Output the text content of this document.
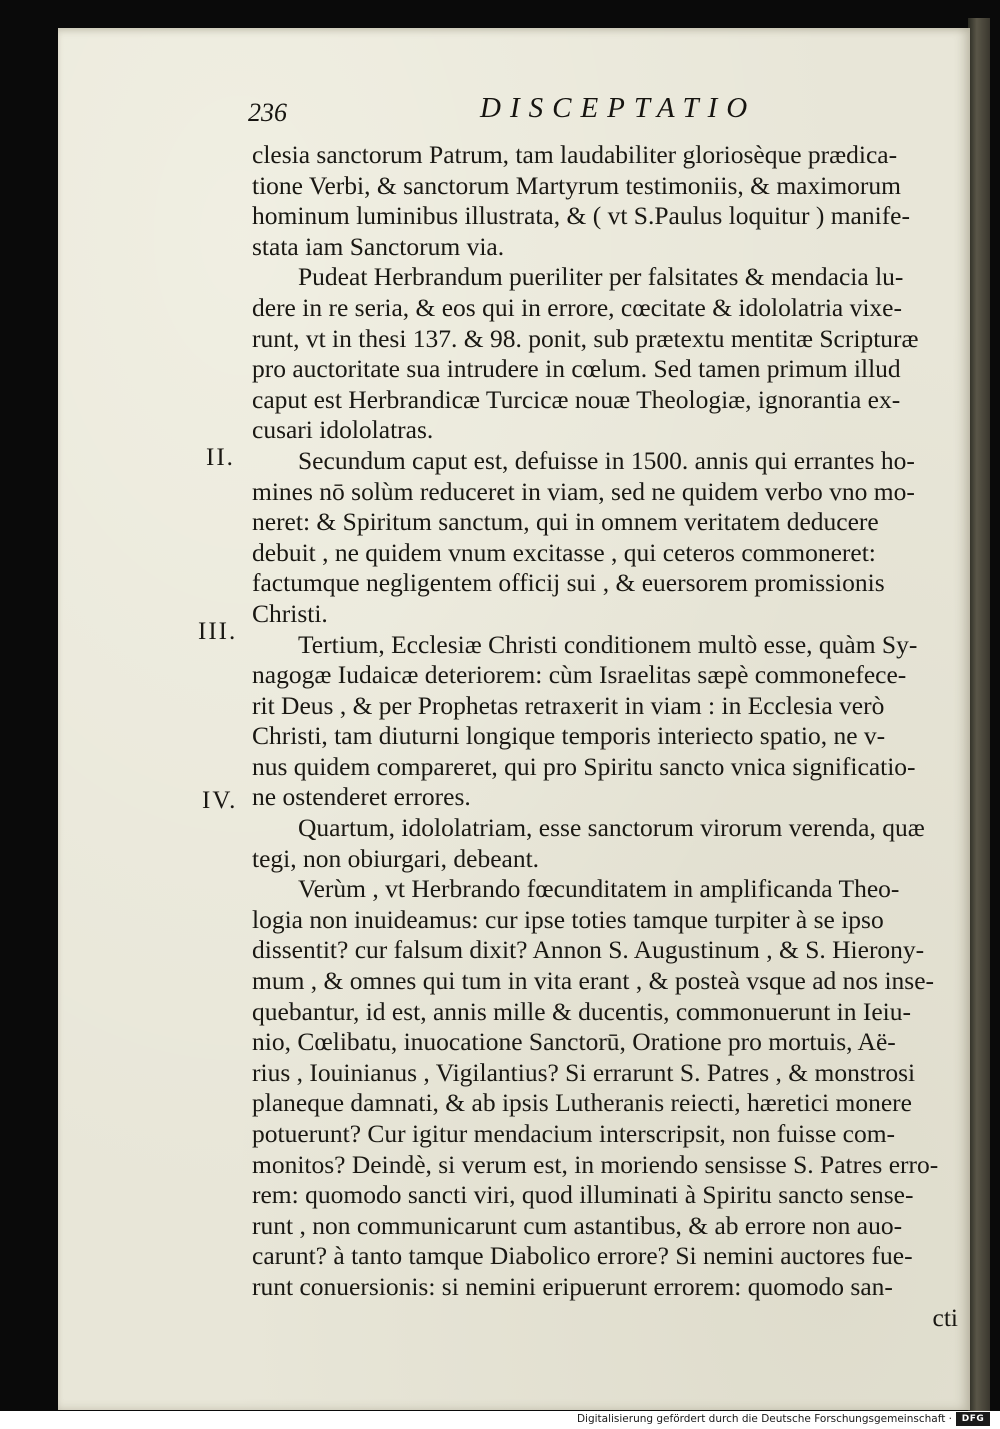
236	DISCEPTATIO
II.
III.
IV.
clesia sanctorum Patrum, tam laudabiliter gloriosèque prædica-
tione Verbi, & sanctorum Martyrum testimoniis, & maximorum
hominum luminibus illustrata, & ( vt S.Paulus loquitur ) manife-
stata iam Sanctorum via.
Pudeat Herbrandum pueriliter per falsitates & mendacia lu-
dere in re seria, & eos qui in errore, cœcitate & idololatria vixe-
runt, vt in thesi 137. & 98. ponit, sub prætextu mentitæ Scripturæ
pro auctoritate sua intrudere in cœlum. Sed tamen primum illud
caput est Herbrandicæ Turcicæ nouæ Theologiæ, ignorantia ex-
cusari idololatras.
Secundum caput est, defuisse in 1500. annis qui errantes ho-
mines nō solùm reduceret in viam, sed ne quidem verbo vno mo-
neret: & Spiritum sanctum, qui in omnem veritatem deducere
debuit , ne quidem vnum excitasse , qui ceteros commoneret:
factumque negligentem officij sui , & euersorem promissionis
Christi.
Tertium, Ecclesiæ Christi conditionem multò esse, quàm Sy-
nagogæ Iudaicæ deteriorem: cùm Israelitas sæpè commonefece-
rit Deus , & per Prophetas retraxerit in viam : in Ecclesia verò
Christi, tam diuturni longique temporis interiecto spatio, ne v-
nus quidem compareret, qui pro Spiritu sancto vnica significatio-
ne ostenderet errores.
Quartum, idololatriam, esse sanctorum virorum verenda, quæ
tegi, non obiurgari, debeant.
Verùm , vt Herbrando fœcunditatem in amplificanda Theo-
logia non inuideamus: cur ipse toties tamque turpiter à se ipso
dissentit? cur falsum dixit? Annon S. Augustinum , & S. Hierony-
mum , & omnes qui tum in vita erant , & posteà vsque ad nos inse-
quebantur, id est, annis mille & ducentis, commonuerunt in Ieiu-
nio, Cœlibatu, inuocatione Sanctorū, Oratione pro mortuis, Aë-
rius , Iouinianus , Vigilantius? Si errarunt S. Patres , & monstrosi
planeque damnati, & ab ipsis Lutheranis reiecti, hæretici monere
potuerunt? Cur igitur mendacium interscripsit, non fuisse com-
monitos? Deindè, si verum est, in moriendo sensisse S. Patres erro-
rem: quomodo sancti viri, quod illuminati à Spiritu sancto sense-
runt , non communicarunt cum astantibus, & ab errore non auo-
carunt? à tanto tamque Diabolico errore? Si nemini auctores fue-
runt conuersionis: si nemini eripuerunt errorem: quomodo san-
cti
Digitalisierung gefördert durch die Deutsche Forschungsgemeinschaft ·	DFG
